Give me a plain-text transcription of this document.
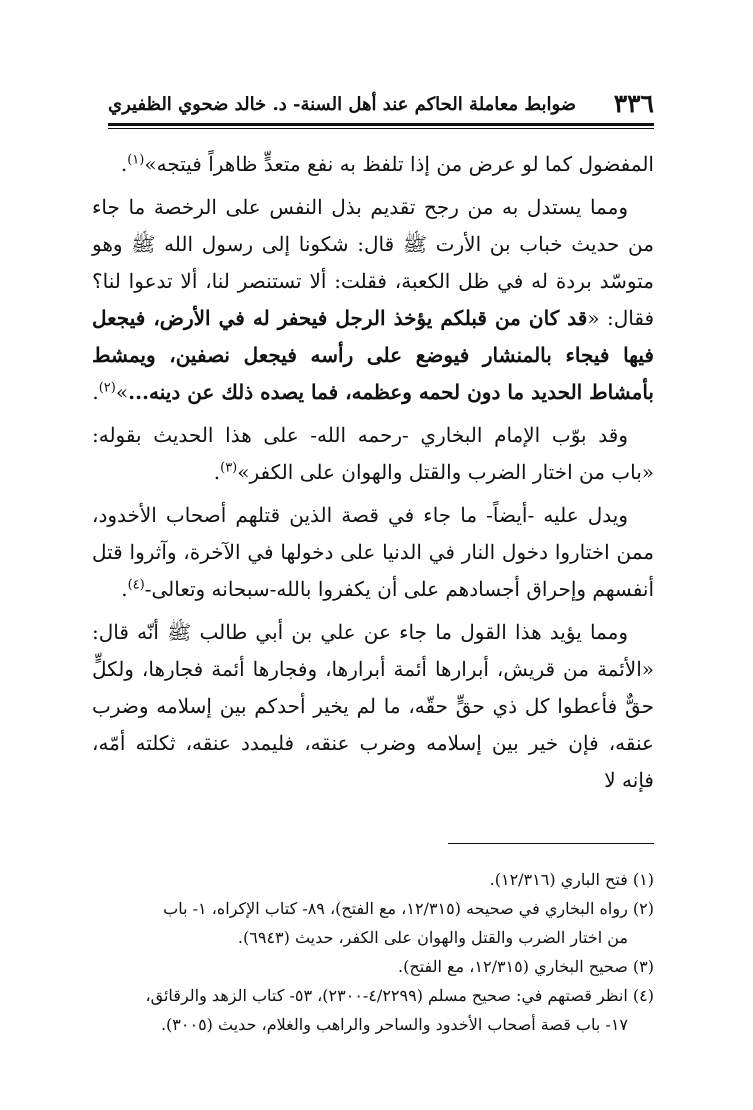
٣٣٦
ضوابط معاملة الحاكم عند أهل السنة- د. خالد ضحوي الظفيري

المفضول كما لو عرض من إذا تلفظ به نفع متعدٍّ ظاهراً فيتجه»$^{(١)}$.

ومما يستدل به من رجح تقديم بذل النفس على الرخصة ما جاء من حديث خباب بن الأرت ﷺ قال: شكونا إلى رسول الله ﷺ وهو متوسّد بردة له في ظل الكعبة، فقلت: ألا تستنصر لنا، ألا تدعوا لنا؟ فقال: «قد كان من قبلكم يؤخذ الرجل فيحفر له في الأرض، فيجعل فيها فيجاء بالمنشار فيوضع على رأسه فيجعل نصفين، ويمشط بأمشاط الحديد ما دون لحمه وعظمه، فما يصده ذلك عن دينه...»$^{(٢)}$.

وقد بوّب الإمام البخاري -رحمه الله- على هذا الحديث بقوله: «باب من اختار الضرب والقتل والهوان على الكفر»$^{(٣)}$.

ويدل عليه -أيضاً- ما جاء في قصة الذين قتلهم أصحاب الأخدود، ممن اختاروا دخول النار في الدنيا على دخولها في الآخرة، وآثروا قتل أنفسهم وإحراق أجسادهم على أن يكفروا بالله-سبحانه وتعالى-$^{(٤)}$.

ومما يؤيد هذا القول ما جاء عن علي بن أبي طالب ﷺ أنّه قال: «الأئمة من قريش، أبرارها أئمة أبرارها، وفجارها أئمة فجارها، ولكلٍّ حقٌّ فأعطوا كل ذي حقٍّ حقّه، ما لم يخير أحدكم بين إسلامه وضرب عنقه، فإن خير بين إسلامه وضرب عنقه، فليمدد عنقه، ثكلته أمّه، فإنه لا

(١) فتح الباري (١٢/٣١٦).

(٢) رواه البخاري في صحيحه (١٢/٣١٥، مع الفتح)، ٨٩- كتاب الإكراه، ١- باب

من اختار الضرب والقتل والهوان على الكفر، حديث (٦٩٤٣).

(٣) صحيح البخاري (١٢/٣١٥، مع الفتح).

(٤) انظر قصتهم في: صحيح مسلم (٤/٢٢٩٩-٢٣٠٠)، ٥٣- كتاب الزهد والرقائق،

١٧- باب قصة أصحاب الأخدود والساحر والراهب والغلام، حديث (٣٠٠٥).
